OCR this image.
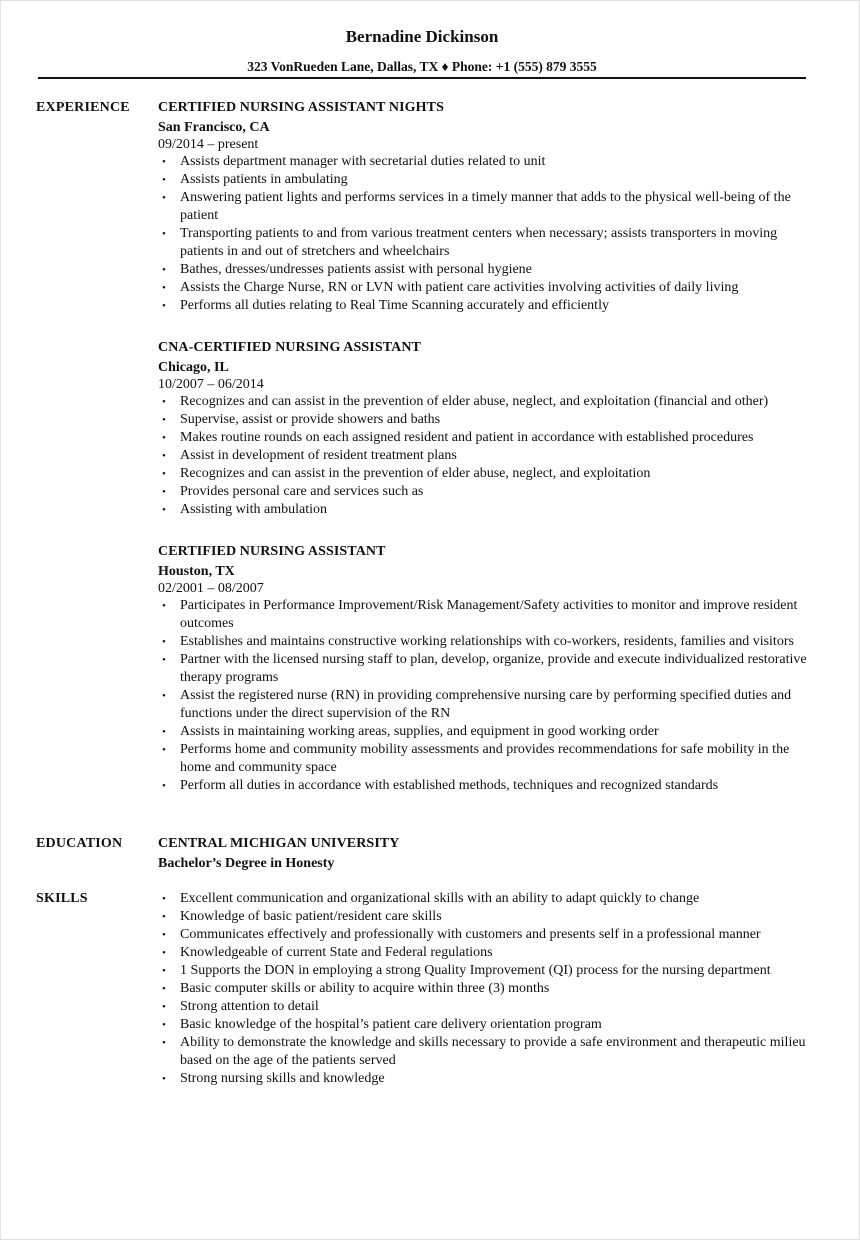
Bernadine Dickinson
323 VonRueden Lane, Dallas, TX ♦ Phone: +1 (555) 879 3555
EXPERIENCE CERTIFIED NURSING ASSISTANT NIGHTS
San Francisco, CA
09/2014 – present
• Assists department manager with secretarial duties related to unit
• Assists patients in ambulating
• Answering patient lights and performs services in a timely manner that adds to the physical well-being of the patient
• Transporting patients to and from various treatment centers when necessary; assists transporters in moving patients in and out of stretchers and wheelchairs
• Bathes, dresses/undresses patients assist with personal hygiene
• Assists the Charge Nurse, RN or LVN with patient care activities involving activities of daily living
• Performs all duties relating to Real Time Scanning accurately and efficiently
CNA-CERTIFIED NURSING ASSISTANT
Chicago, IL
10/2007 – 06/2014
• Recognizes and can assist in the prevention of elder abuse, neglect, and exploitation (financial and other)
• Supervise, assist or provide showers and baths
• Makes routine rounds on each assigned resident and patient in accordance with established procedures
• Assist in development of resident treatment plans
• Recognizes and can assist in the prevention of elder abuse, neglect, and exploitation
• Provides personal care and services such as
• Assisting with ambulation
CERTIFIED NURSING ASSISTANT
Houston, TX
02/2001 – 08/2007
• Participates in Performance Improvement/Risk Management/Safety activities to monitor and improve resident outcomes
• Establishes and maintains constructive working relationships with co-workers, residents, families and visitors
• Partner with the licensed nursing staff to plan, develop, organize, provide and execute individualized restorative therapy programs
• Assist the registered nurse (RN) in providing comprehensive nursing care by performing specified duties and functions under the direct supervision of the RN
• Assists in maintaining working areas, supplies, and equipment in good working order
• Performs home and community mobility assessments and provides recommendations for safe mobility in the home and community space
• Perform all duties in accordance with established methods, techniques and recognized standards
EDUCATION	CENTRAL MICHIGAN UNIVERSITY
Bachelor’s Degree in Honesty
SKILLS	• Excellent communication and organizational skills with an ability to adapt quickly to change
• Knowledge of basic patient/resident care skills
• Communicates effectively and professionally with customers and presents self in a professional manner
• Knowledgeable of current State and Federal regulations
• 1 Supports the DON in employing a strong Quality Improvement (QI) process for the nursing department
• Basic computer skills or ability to acquire within three (3) months
• Strong attention to detail
• Basic knowledge of the hospital’s patient care delivery orientation program
• Ability to demonstrate the knowledge and skills necessary to provide a safe environment and therapeutic milieu based on the age of the patients served
• Strong nursing skills and knowledge
